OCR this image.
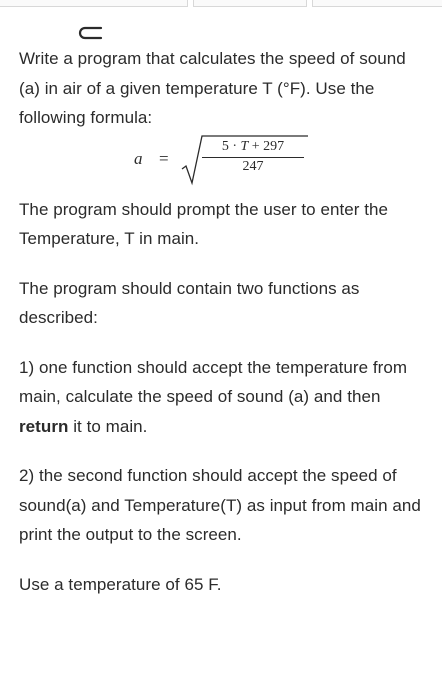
Write a program that calculates the speed of sound (a) in air of a given temperature T (°F). Use the following formula:

a =
5 · T + 297
247

The program should prompt the user to enter the Temperature, T in main.

The program should contain two functions as described:

1) one function should accept the temperature from main, calculate the speed of sound (a) and then return it to main.

2) the second function should accept the speed of sound(a) and Temperature(T) as input from main and print the output to the screen.

Use a temperature of 65 F.
